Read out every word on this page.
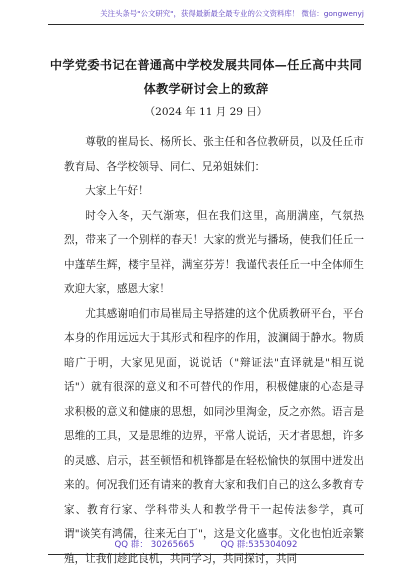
关注头条号"公文研究"，获得最新最全最专业的公文资料库！ 微信：gongwenyj
中学党委书记在普通高中学校发展共同体—任丘高中共同
体教学研讨会上的致辞
（2024 年 11 月 29 日）

尊敬的崔局长、杨所长、张主任和各位教研员，以及任丘市教育局、各学校领导、同仁、兄弟姐妹们：

大家上午好！

时令入冬，天气渐寒，但在我们这里，高朋满座，气氛热烈，带来了一个别样的春天！大家的赏光与播场，使我们任丘一中蓬荜生辉，楼宇呈祥，满室芬芳！我谨代表任丘一中全体师生欢迎大家，感恩大家！

尤其感谢咱们市局崔局主导搭建的这个优质教研平台，平台本身的作用远远大于其形式和程序的作用，波澜阔于静水。物质暗广于明，大家见见面，说说话（"辩证法"直译就是"相互说话"）就有很深的意义和不可替代的作用，积极健康的心态是寻求积极的意义和健康的思想，如同沙里淘金，反之亦然。语言是思维的工具，又是思维的边界，平常人说话，天才者思想，许多的灵感、启示，甚至顿悟和机锋都是在轻松愉快的氛围中迸发出来的。何况我们还有请来的教育大家和我们自己的这么多教育专家、教育行家、学科带头人和教学骨干一起传法参学，真可谓"谈笑有鸿儒，往来无白丁"，这是文化盛事。文化也怕近亲繁殖，让我们趁此良机，共同学习，共同探讨，共同

QQ 群： 30265665	QQ 群:535304092
